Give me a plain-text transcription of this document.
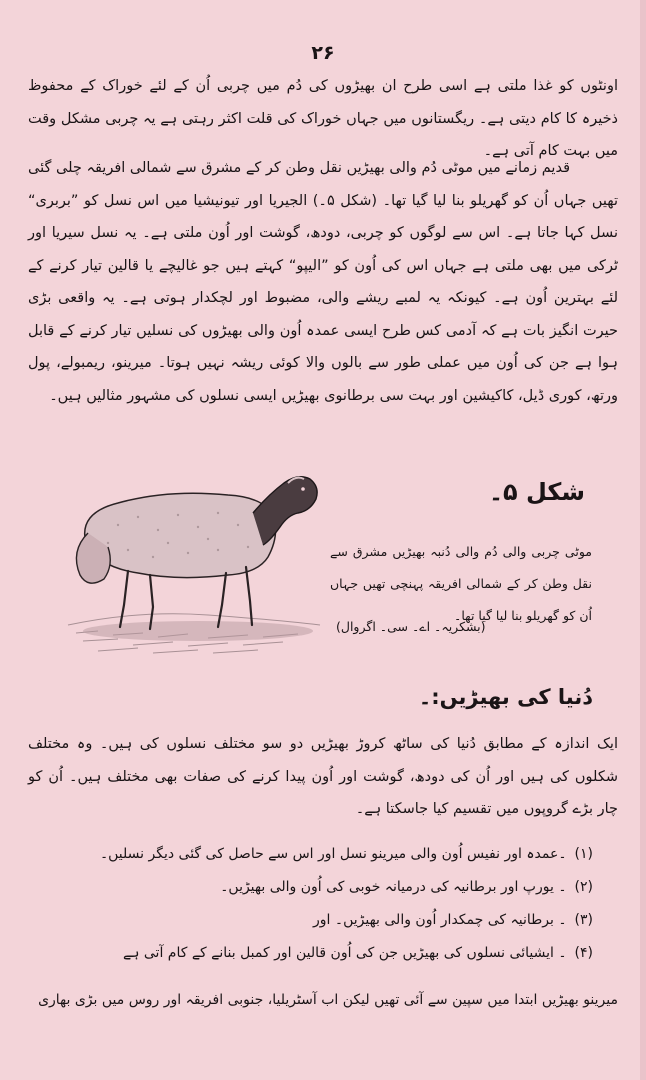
۲۶

اونٹوں کو غذا ملتی ہے اسی طرح ان بھیڑوں کی دُم میں چربی اُن کے لئے خوراک کے محفوظ ذخیرہ کا کام دیتی ہے۔ ریگستانوں میں جہاں خوراک کی قلت اکثر رہتی ہے یہ چربی مشکل وقت میں بہت کام آتی ہے۔

قدیم زمانے میں موٹی دُم والی بھیڑیں نقل وطن کر کے مشرق سے شمالی افریقہ چلی گئی تھیں جہاں اُن کو گھریلو بنا لیا گیا تھا۔ (شکل ۵۔) الجیریا اور تیونیشیا میں اس نسل کو ”بربری“ نسل کہا جاتا ہے۔ اس سے لوگوں کو چربی، دودھ، گوشت اور اُون ملتی ہے۔ یہ نسل سیریا اور ٹرکی میں بھی ملتی ہے جہاں اس کی اُون کو ”الیپو“ کہتے ہیں جو غالیچے یا قالین تیار کرنے کے لئے بہترین اُون ہے۔ کیونکہ یہ لمبے ریشے والی، مضبوط اور لچکدار ہوتی ہے۔ یہ واقعی بڑی حیرت انگیز بات ہے کہ آدمی کس طرح ایسی عمدہ اُون والی بھیڑوں کی نسلیں تیار کرنے کے قابل ہوا ہے جن کی اُون میں عملی طور سے بالوں والا کوئی ریشہ نہیں ہوتا۔ میرینو، ریمبولے، پول ورتھ، کوری ڈیل، کاکیشین اور بہت سی برطانوی بھیڑیں ایسی نسلوں کی مشہور مثالیں ہیں۔

شکل ۵۔

موٹی چربی والی دُم والی دُنبہ بھیڑیں مشرق سے نقل وطن کر کے شمالی افریقہ پہنچی تھیں جہاں اُن کو گھریلو بنا لیا گیا تھا۔

(بشکریہ۔ اے۔ سی۔ اگروال)
دُنیا کی بھیڑیں:۔

ایک اندازہ کے مطابق دُنیا کی ساٹھ کروڑ بھیڑیں دو سو مختلف نسلوں کی ہیں۔ وہ مختلف شکلوں کی ہیں اور اُن کی دودھ، گوشت اور اُون پیدا کرنے کی صفات بھی مختلف ہیں۔ اُن کو چار بڑے گروپوں میں تقسیم کیا جاسکتا ہے۔

(۱)۔عمدہ اور نفیس اُون والی میرینو نسل اور اس سے حاصل کی گئی دیگر نسلیں۔
(۲)۔ یورپ اور برطانیہ کی درمیانہ خوبی کی اُون والی بھیڑیں۔
(۳)۔ برطانیہ کی چمکدار اُون والی بھیڑیں۔ اور
(۴)۔ ایشیائی نسلوں کی بھیڑیں جن کی اُون قالین اور کمبل بنانے کے کام آتی ہے

میرینو بھیڑیں ابتدا میں سپین سے آئی تھیں لیکن اب آسٹریلیا، جنوبی افریقہ اور روس میں بڑی بھاری
